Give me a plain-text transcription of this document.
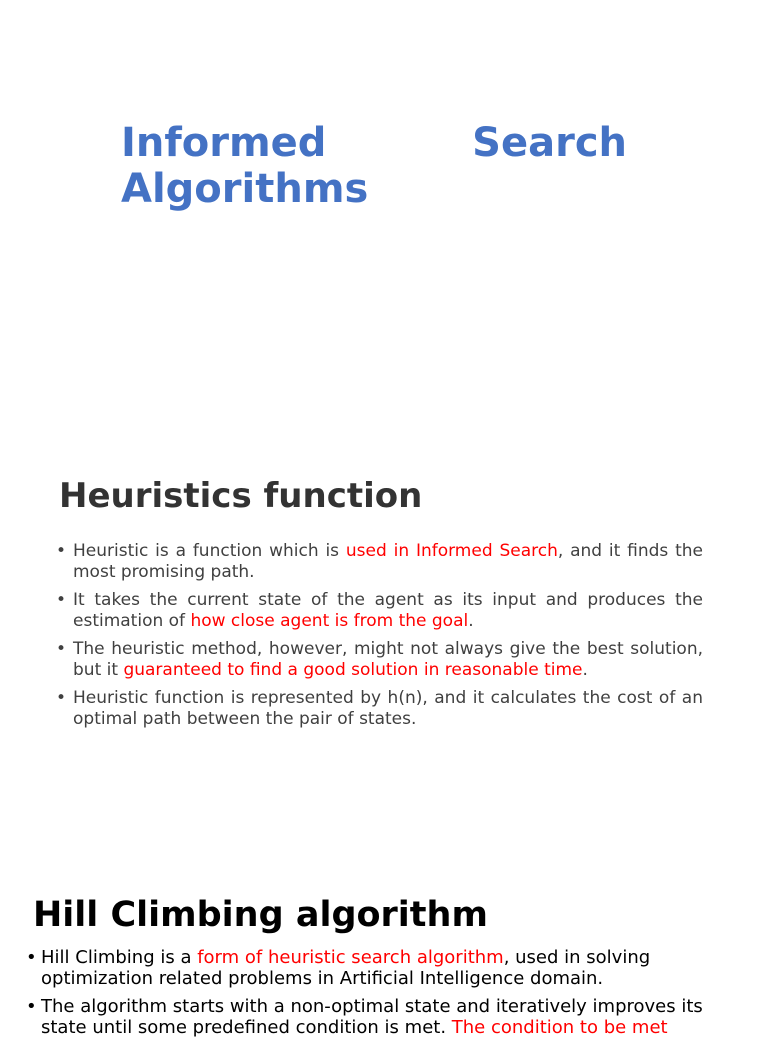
Informed	Search Algorithms
Heuristics function
• Heuristic is a function which is used in Informed Search, and it finds the most promising path.
• It takes the current state of the agent as its input and produces the estimation of how close agent is from the goal.
• The heuristic method, however, might not always give the best solution, but it guaranteed to find a good solution in reasonable time.
• Heuristic function is represented by h(n), and it calculates the cost of an optimal path between the pair of states.
Hill Climbing algorithm
• Hill Climbing is a form of heuristic search algorithm, used in solving optimization related problems in Artificial Intelligence domain.
• The algorithm starts with a non-optimal state and iteratively improves its state until some predefined condition is met. The condition to be met
